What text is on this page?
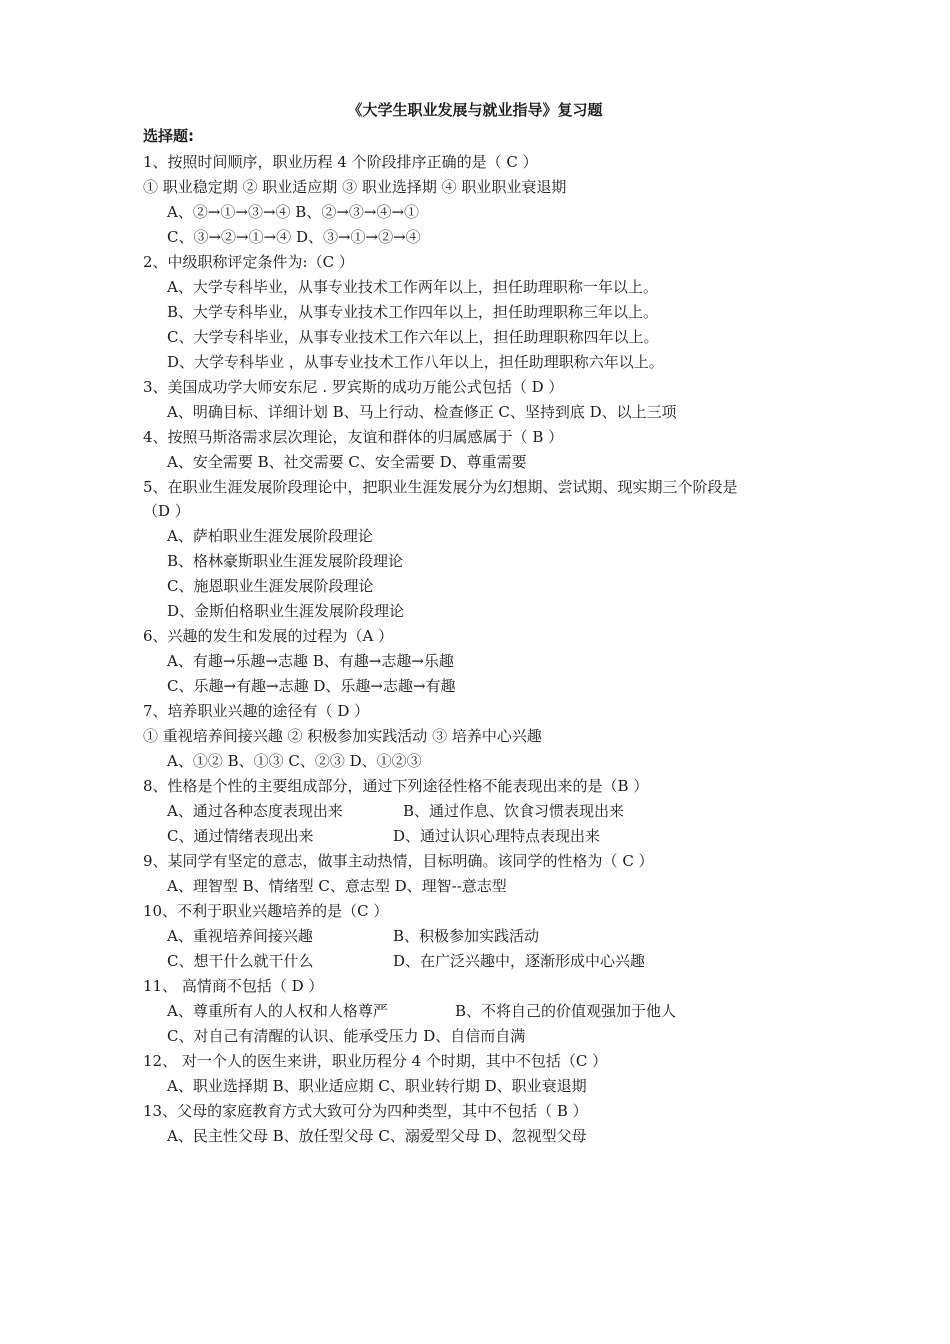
《大学生职业发展与就业指导》复习题
选择题:
1、按照时间顺序，职业历程 4 个阶段排序正确的是（ C ）
① 职业稳定期 ② 职业适应期 ③ 职业选择期 ④ 职业职业衰退期
A、②→①→③→④ B、②→③→④→①
C、③→②→①→④ D、③→①→②→④
2、中级职称评定条件为:（C ）
A、大学专科毕业，从事专业技术工作两年以上，担任助理职称一年以上。
B、大学专科毕业，从事专业技术工作四年以上，担任助理职称三年以上。
C、大学专科毕业，从事专业技术工作六年以上，担任助理职称四年以上。
D、大学专科毕业 ，从事专业技术工作八年以上，担任助理职称六年以上。
3、美国成功学大师安东尼 . 罗宾斯的成功万能公式包括（ D ）
A、明确目标、详细计划 B、马上行动、检查修正 C、坚持到底 D、以上三项
4、按照马斯洛需求层次理论，友谊和群体的归属感属于（ B ）
A、安全需要 B、社交需要 C、安全需要 D、尊重需要
5、在职业生涯发展阶段理论中，把职业生涯发展分为幻想期、尝试期、现实期三个阶段是
（D ）
A、萨柏职业生涯发展阶段理论
B、格林豪斯职业生涯发展阶段理论
C、施恩职业生涯发展阶段理论
D、金斯伯格职业生涯发展阶段理论
6、兴趣的发生和发展的过程为（A ）
A、有趣→乐趣→志趣 B、有趣→志趣→乐趣
C、乐趣→有趣→志趣 D、乐趣→志趣→有趣
7、培养职业兴趣的途径有（ D ）
① 重视培养间接兴趣 ② 积极参加实践活动 ③ 培养中心兴趣
A、①② B、①③ C、②③ D、①②③
8、性格是个性的主要组成部分，通过下列途径性格不能表现出来的是（B ）
A、通过各种态度表现出来	B、通过作息、饮食习惯表现出来
C、通过情绪表现出来	D、通过认识心理特点表现出来
9、某同学有坚定的意志，做事主动热情，目标明确。该同学的性格为（ C ）
A、理智型 B、情绪型 C、意志型 D、理智--意志型
10、不利于职业兴趣培养的是（C ）
A、重视培养间接兴趣	B、积极参加实践活动
C、想干什么就干什么	D、在广泛兴趣中，逐渐形成中心兴趣
11、 高情商不包括（ D ）
A、尊重所有人的人权和人格尊严	B、不将自己的价值观强加于他人
C、对自己有清醒的认识、能承受压力 D、自信而自满
12、 对一个人的医生来讲，职业历程分 4 个时期，其中不包括（C ）
A、职业选择期 B、职业适应期 C、职业转行期 D、职业衰退期
13、父母的家庭教育方式大致可分为四种类型，其中不包括（ B ）
A、民主性父母 B、放任型父母 C、溺爱型父母 D、忽视型父母
